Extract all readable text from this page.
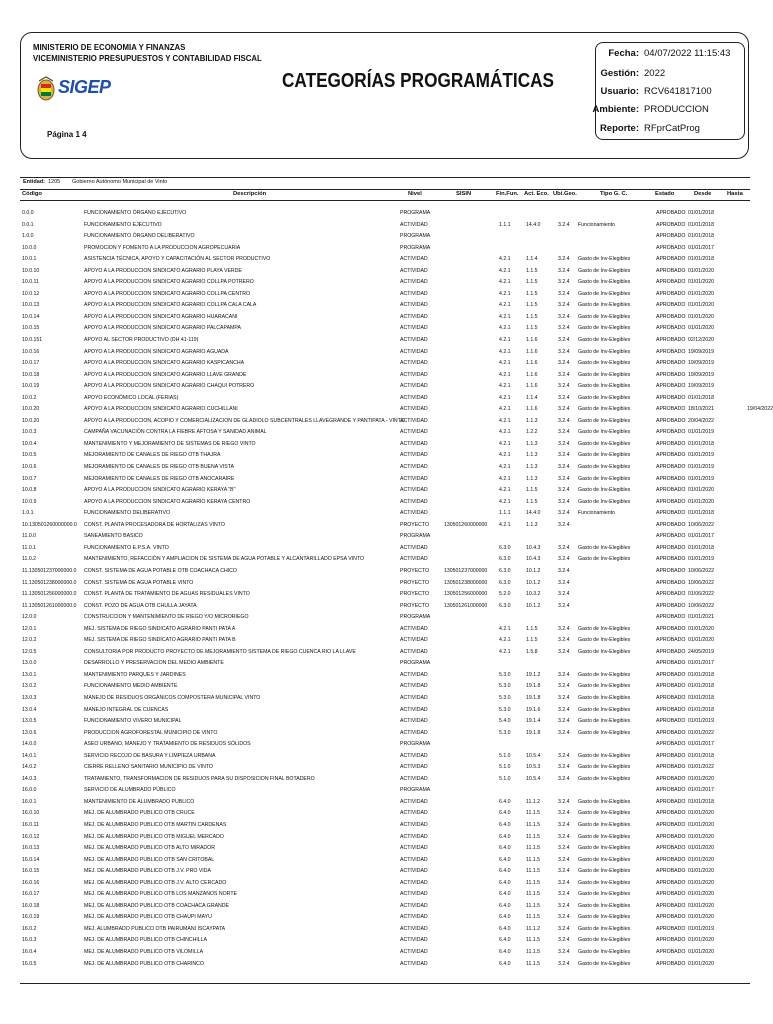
MINISTERIO DE ECONOMIA Y FINANZAS
VICEMINISTERIO PRESUPUESTOS Y CONTABILIDAD FISCAL
SIGEP	CATEGORÍAS PROGRAMÁTICAS
Página 1 4
Fecha: 04/07/2022 11:15:43
Gestión: 2022
Usuario: RCV641817100
Ambiente: PRODUCCION
Reporte: RFprCatProg
Entidad: 1205 Gobierno Autónomo Municipal de Vinto
Código	Descripción	Nivel	SISIN	Fin.Fun. Act. Eco. Ubi.Geo.	Tipo G. C.	Estado	Desde	Hasta
0.0.0	FUNCIONAMIENTO ÓRGANO EJECUTIVO	PROGRAMA	APROBADO 01/01/2018
0.0.1	FUNCIONAMIENTO EJECUTIVO	ACTIVIDAD	1.1.1	14.4.0	3.2.4 Funcionamiento	APROBADO 01/01/2018
1.0.0	FUNCIONAMIENTO ÓRGANO DELIBERATIVO	PROGRAMA	APROBADO 01/01/2018
10.0.0	PROMOCION Y FOMENTO A LA PRODUCCION AGROPECUARIA	PROGRAMA	APROBADO 01/01/2017
10.0.1	ASISTENCIA TÉCNICA, APOYO Y CAPACITACIÓN AL SECTOR PRODUCTIVO	ACTIVIDAD	4.2.1	1.1.4	3.2.4 Gasto de Inv-Elegibles	APROBADO 01/01/2018
10.0.10	APOYO A LA PRODUCCION SINDICATO AGRARIO PLAYA VERDE	ACTIVIDAD	4.2.1	1.1.5	3.2.4 Gasto de Inv-Elegibles	APROBADO 01/01/2020
10.0.11	APOYO A LA PRODUCCION SINDICATO AGRARIO COLLPA POTRERO	ACTIVIDAD	4.2.1	1.1.5	3.2.4 Gasto de Inv-Elegibles	APROBADO 01/01/2020
10.0.12	APOYO A LA PRODUCCION SINDICATO AGRARIO COLLPA CENTRO	ACTIVIDAD	4.2.1	1.1.5	3.2.4 Gasto de Inv-Elegibles	APROBADO 01/01/2020
10.0.13	APOYO A LA PRODUCCION SINDICATO AGRARIO COLLPA CALA CALA	ACTIVIDAD	4.2.1	1.1.5	3.2.4 Gasto de Inv-Elegibles	APROBADO 01/01/2020
10.0.14	APOYO A LA PRODUCCION SINDICATO AGRARIO HUARACANI	ACTIVIDAD	4.2.1	1.1.5	3.2.4 Gasto de Inv-Elegibles	APROBADO 01/01/2020
10.0.15	APOYO A LA PRODUCCION SINDICATO AGRARIO PALCAPAMPA	ACTIVIDAD	4.2.1	1.1.5	3.2.4 Gasto de Inv-Elegibles	APROBADO 01/01/2020
10.0.151	APOYO AL SECTOR PRODUCTIVO (DH 41-119)	ACTIVIDAD	4.2.1	1.1.6	3.2.4 Gasto de Inv-Elegibles	APROBADO 02/12/2020
10.0.16	APOYO A LA PRODUCCION SINDICATO AGRARIO AGUADA	ACTIVIDAD	4.2.1	1.1.6	3.2.4 Gasto de Inv-Elegibles	APROBADO 19/09/2019
10.0.17	APOYO A LA PRODUCCION SINDICATO AGRARIO KASPICANCHA	ACTIVIDAD	4.2.1	1.1.6	3.2.4 Gasto de Inv-Elegibles	APROBADO 19/09/2019
10.0.18	APOYO A LA PRODUCCION SINDICATO AGRARIO LLAVE GRANDE	ACTIVIDAD	4.2.1	1.1.6	3.2.4 Gasto de Inv-Elegibles	APROBADO 19/09/2019
10.0.19	APOYO A LA PRODUCCION SINDICATO AGRARIO CHAQUI POTRERO	ACTIVIDAD	4.2.1	1.1.6	3.2.4 Gasto de Inv-Elegibles	APROBADO 19/09/2019
10.0.2	APOYO ECONÓMICO LOCAL (FERIAS)	ACTIVIDAD	4.2.1	1.1.4	3.2.4 Gasto de Inv-Elegibles	APROBADO 01/01/2018
10.0.20	APOYO A LA PRODUCCION SINDICATO AGRARIO CUCHILLANI	ACTIVIDAD	4.2.1	1.1.6	3.2.4 Gasto de Inv-Elegibles	APROBADO 18/10/2021	19/04/2022
10.0.20	APOYO A LA PRODUCCION, ACOPIO Y COMERCIALIZACION DE GLADIOLO SUBCENTRALES LLAVEGRANDE Y PANTIPATA - VINTO
ACTIVIDAD	4.2.1	1.1.3	3.2.4 Gasto de Inv-Elegibles	APROBADO 20/04/2022
10.0.3	CAMPAÑA VACUNACIÓN CONTRA LA FIEBRE AFTOSA Y SANIDAD ANIMAL	ACTIVIDAD	4.2.1	1.2.2	3.2.4 Gasto de Inv-Elegibles	APROBADO 01/01/2019
10.0.4	MANTENIMIENTO Y MEJORAMIENTO DE SISTEMAS DE RIEGO VINTO	ACTIVIDAD	4.2.1	1.1.3	3.2.4 Gasto de Inv-Elegibles	APROBADO 01/01/2018
10.0.5	MEJORAMIENTO DE CANALES DE RIEGO OTB THAJRA	ACTIVIDAD	4.2.1	1.1.3	3.2.4 Gasto de Inv-Elegibles	APROBADO 01/01/2019
10.0.6	MEJORAMIENTO DE CANALES DE RIEGO OTB BUENA VISTA	ACTIVIDAD	4.2.1	1.1.3	3.2.4 Gasto de Inv-Elegibles	APROBADO 01/01/2019
10.0.7	MEJORAMIENTO DE CANALES DE RIEGO OTB ANOCARAIRE	ACTIVIDAD	4.2.1	1.1.3	3.2.4 Gasto de Inv-Elegibles	APROBADO 01/01/2019
10.0.8	APOYO A LA PRODUCCION SINDICATO AGRARIO KERAYA "B"	ACTIVIDAD	4.2.1	1.1.5	3.2.4 Gasto de Inv-Elegibles	APROBADO 01/01/2020
10.0.9	APOYO A LA PRODUCCION SINDICATO AGRARIO KERAYA CENTRO	ACTIVIDAD	4.2.1	1.1.5	3.2.4 Gasto de Inv-Elegibles	APROBADO 01/01/2020
1.0.1	FUNCIONAMIENTO DELIBERATIVO	ACTIVIDAD	1.1.1	14.4.0	3.2.4 Funcionamiento	APROBADO 01/01/2018
10.130501260000000.0 CONST. PLANTA PROCESADORA DE HORTALIZAS VINTO	PROYECTO	130501260000000 4.2.1	1.1.3	3.2.4	APROBADO 10/06/2022
11.0.0	SANEAMIENTO BASICO	PROGRAMA	APROBADO 01/01/2017
11.0.1	FUNCIONAMIENTO E.P.S.A. VINTO	ACTIVIDAD	6.3.0	10.4.3	3.2.4 Gasto de Inv-Elegibles	APROBADO 01/01/2018
11.0.2	MANTENIMIENTO, REFACCIÓN Y AMPLIACION DE SISTEMA DE AGUA POTABLE Y ALCANTARILLADO EPSA VINTO	ACTIVIDAD	6.3.0	10.4.3	3.2.4 Gasto de Inv-Elegibles	APROBADO 01/01/2019
11.130501237000000.0 CONST. SISTEMA DE AGUA POTABLE OTB COACHACA CHICO	PROYECTO	130501237000000 6.3.0	10.1.2	3.2.4	APROBADO 10/06/2022
11.130501238000000.0 CONST. SISTEMA DE AGUA POTABLE VINTO	PROYECTO	130501238000000 6.3.0	10.1.2	3.2.4	APROBADO 10/06/2022
11.130501256000000.0 CONST. PLANTA DE TRATAMIENTO DE AGUAS RESIDUALES VINTO	PROYECTO	130501256000000 5.2.0	10.3.2	3.2.4	APROBADO 01/06/2022
11.130501261000000.0 CONST. POZO DE AGUA OTB CHULLA JAYATA	PROYECTO	130501261000000 6.3.0	10.1.2	3.2.4	APROBADO 10/06/2022
12.0.0	CONSTRUCCION Y MANTENIMIENTO DE RIEGO Y/O MICRORIEGO	PROGRAMA	APROBADO 01/01/2021
12.0.1	MEJ. SISTEMA DE RIEGO SINDICATO AGRARIO PANTI PATA A	ACTIVIDAD	4.2.1	1.1.5	3.2.4 Gasto de Inv-Elegibles	APROBADO 01/01/2020
12.0.2	MEJ. SISTEMA DE RIEGO SINDICATO AGRARIO PANTI PATA B	ACTIVIDAD	4.2.1	1.1.5	3.2.4 Gasto de Inv-Elegibles	APROBADO 01/01/2020
12.0.5	CONSULTORIA POR PRODUCTO PROYECTO DE MEJORAMIENTO SISTEMA DE RIEGO CUENCA RIO LA LLAVE	ACTIVIDAD	4.2.1	1.5.8	3.2.4 Gasto de Inv-Elegibles	APROBADO 24/05/2019
13.0.0	DESARROLLO Y PRESERVACION DEL MEDIO AMBIENTE	PROGRAMA	APROBADO 01/01/2017
13.0.1	MANTENIMIENTO PARQUES Y JARDINES	ACTIVIDAD	5.3.0	19.1.2	3.2.4 Gasto de Inv-Elegibles	APROBADO 01/01/2018
13.0.2	FUNCIONAMIENTO MEDIO AMBIENTE	ACTIVIDAD	5.3.0	19.1.8	3.2.4 Gasto de Inv-Elegibles	APROBADO 01/01/2018
13.0.3	MANEJO DE RESIDUOS ORGÁNICOS COMPOSTERA MUNICIPAL VINTO	ACTIVIDAD	5.3.0	19.1.8	3.2.4 Gasto de Inv-Elegibles	APROBADO 01/01/2018
13.0.4	MANEJO INTEGRAL DE CUENCAS	ACTIVIDAD	5.3.0	19.1.6	3.2.4 Gasto de Inv-Elegibles	APROBADO 01/01/2018
13.0.5	FUNCIONAMIENTO VIVERO MUNICIPAL	ACTIVIDAD	5.4.0	19.1.4	3.2.4 Gasto de Inv-Elegibles	APROBADO 01/01/2019
13.0.6	PRODUCCION AGROFORESTAL MUNICIPIO DE VINTO	ACTIVIDAD	5.3.0	19.1.8	3.2.4 Gasto de Inv-Elegibles	APROBADO 01/01/2022
14.0.0	ASEO URBANO, MANEJO Y TRATAMIENTO DE RESIDUOS SÓLIDOS	PROGRAMA	APROBADO 01/01/2017
14.0.1	SERVICIO RECOJO DE BASURA Y LIMPIEZA URBANA	ACTIVIDAD	5.1.0	10.5.4	3.2.4 Gasto de Inv-Elegibles	APROBADO 01/01/2018
14.0.2	CIERRE RELLENO SANITARIO MUNICIPIO DE VINTO	ACTIVIDAD	5.1.0	10.5.3	3.2.4 Gasto de Inv-Elegibles	APROBADO 01/01/2022
14.0.3	TRATAMIENTO, TRANSFORMACION DE RESIDUOS PARA SU DISPOSICION FINAL BOTADERO	ACTIVIDAD	5.1.0	10.5.4	3.2.4 Gasto de Inv-Elegibles	APROBADO 01/01/2020
16.0.0	SERVICIO DE ALUMBRADO PÚBLICO	PROGRAMA	APROBADO 01/01/2017
16.0.1	MANTENIMIENTO DE ALUMBRADO PUBLICO	ACTIVIDAD	6.4.0	11.1.2	3.2.4 Gasto de Inv-Elegibles	APROBADO 01/01/2018
16.0.10	MEJ. DE ALUMBRADO PUBLICO OTB CRUCE	ACTIVIDAD	6.4.0	11.1.5	3.2.4 Gasto de Inv-Elegibles	APROBADO 01/01/2020
16.0.11	MEJ. DE ALUMBRADO PUBLICO OTB MARTIN CARDENAS	ACTIVIDAD	6.4.0	11.1.5	3.2.4 Gasto de Inv-Elegibles	APROBADO 01/01/2020
16.0.12	MEJ. DE ALUMBRADO PUBLICO OTB MIGUEL MERCADO	ACTIVIDAD	6.4.0	11.1.5	3.2.4 Gasto de Inv-Elegibles	APROBADO 01/01/2020
16.0.13	MEJ. DE ALUMBRADO PUBLICO OTB ALTO MIRADOR	ACTIVIDAD	6.4.0	11.1.5	3.2.4 Gasto de Inv-Elegibles	APROBADO 01/01/2020
16.0.14	MEJ. DE ALUMBRADO PUBLICO OTB SAN CRITOBAL	ACTIVIDAD	6.4.0	11.1.5	3.2.4 Gasto de Inv-Elegibles	APROBADO 01/01/2020
16.0.15	MEJ. DE ALUMBRADO PUBLICO OTB J.V. PRO VIDA	ACTIVIDAD	6.4.0	11.1.5	3.2.4 Gasto de Inv-Elegibles	APROBADO 01/01/2020
16.0.16	MEJ. DE ALUMBRADO PUBLICO OTB J.V. ALTO CERCADO	ACTIVIDAD	6.4.0	11.1.5	3.2.4 Gasto de Inv-Elegibles	APROBADO 01/01/2020
16.0.17	MEJ. DE ALUMBRADO PUBLICO OTB LOS MANZANOS NORTE	ACTIVIDAD	6.4.0	11.1.5	3.2.4 Gasto de Inv-Elegibles	APROBADO 01/01/2020
16.0.18	MEJ. DE ALUMBRADO PUBLICO OTB COACHACA GRANDE	ACTIVIDAD	6.4.0	11.1.5	3.2.4 Gasto de Inv-Elegibles	APROBADO 01/01/2020
16.0.19	MEJ. DE ALUMBRADO PUBLICO OTB CHAUPI MAYU	ACTIVIDAD	6.4.0	11.1.5	3.2.4 Gasto de Inv-Elegibles	APROBADO 01/01/2020
16.0.2	MEJ. ALUMBRADO PUBLICO OTB PAIRUMANI ISCAYPATA	ACTIVIDAD	6.4.0	11.1.2	3.2.4 Gasto de Inv-Elegibles	APROBADO 01/01/2019
16.0.3	MEJ. DE ALUMBRADO PUBLICO OTB CHINCHILLA	ACTIVIDAD	6.4.0	11.1.5	3.2.4 Gasto de Inv-Elegibles	APROBADO 01/01/2020
16.0.4	MEJ. DE ALUMBRADO PUBLICO OTB VILOMILLA	ACTIVIDAD	6.4.0	11.1.5	3.2.4 Gasto de Inv-Elegibles	APROBADO 01/01/2020
16.0.5	MEJ. DE ALUMBRADO PUBLICO OTB CHARINCO	ACTIVIDAD	6.4.0	11.1.5	3.2.4 Gasto de Inv-Elegibles	APROBADO 01/01/2020
